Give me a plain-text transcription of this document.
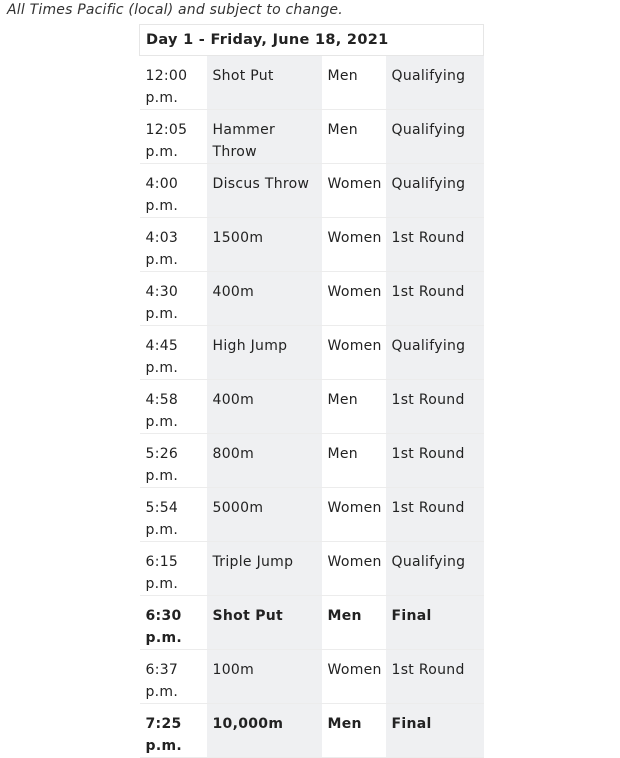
All Times Pacific (local) and subject to change.
Day 1 - Friday, June 18, 2021			
12:00 p.m.	Shot Put	Men	Qualifying
12:05 p.m.	Hammer Throw	Men	Qualifying
4:00 p.m.	Discus Throw	Women	Qualifying
4:03 p.m.	1500m	Women	1st Round
4:30 p.m.	400m	Women	1st Round
4:45 p.m.	High Jump	Women	Qualifying
4:58 p.m.	400m	Men	1st Round
5:26 p.m.	800m	Men	1st Round
5:54 p.m.	5000m	Women	1st Round
6:15 p.m.	Triple Jump	Women	Qualifying
6:30 p.m.	Shot Put	Men	Final
6:37 p.m.	100m	Women	1st Round
7:25 p.m.	10,000m	Men	Final
